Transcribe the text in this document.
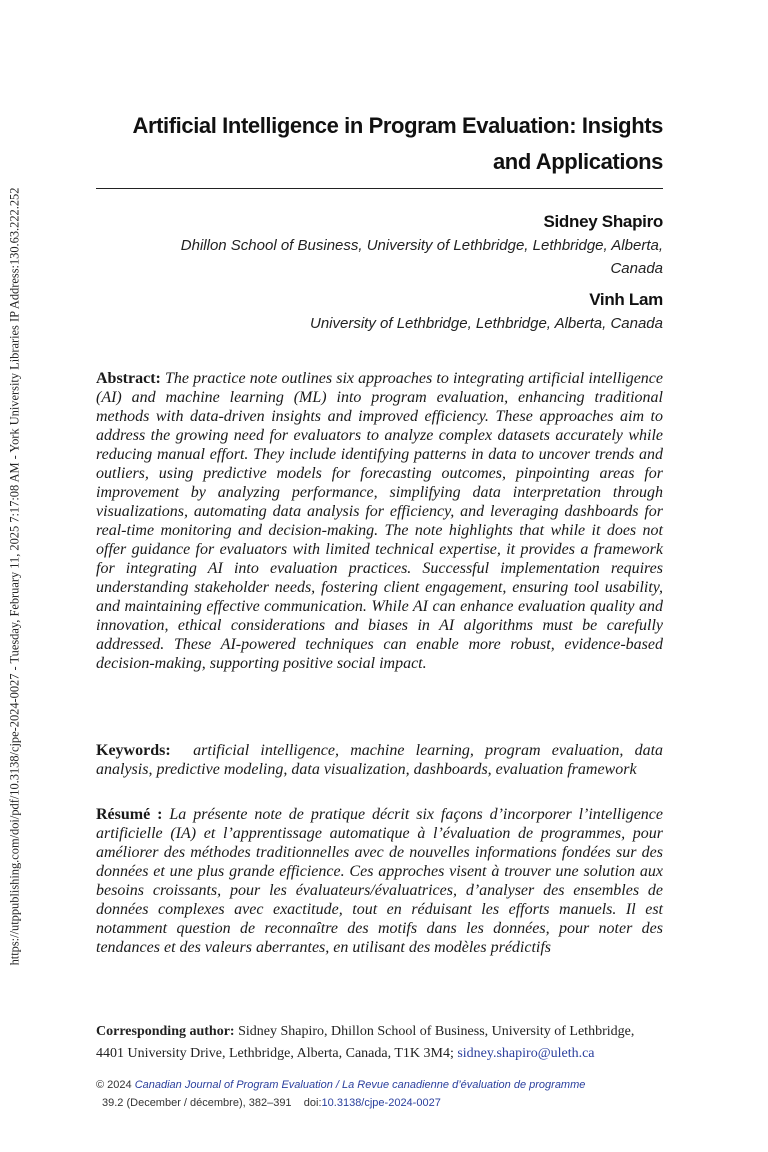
https://utppublishing.com/doi/pdf/10.3138/cjpe-2024-0027 - Tuesday, February 11, 2025 7:17:08 AM - York University Libraries IP Address:130.63.222.252
Artificial Intelligence in Program Evaluation: Insights
and Applications
Sidney Shapiro
Dhillon School of Business, University of Lethbridge, Lethbridge, Alberta,
Canada
Vinh Lam
University of Lethbridge, Lethbridge, Alberta, Canada
Abstract: The practice note outlines six approaches to integrating artificial intelligence (AI) and machine learning (ML) into program evaluation, enhancing traditional methods with data-driven insights and improved efficiency. These approaches aim to address the growing need for evaluators to analyze complex datasets accurately while reducing manual effort. They include identifying patterns in data to uncover trends and outliers, using predictive models for forecasting outcomes, pinpointing areas for improvement by analyzing performance, simplifying data interpretation through visualizations, automating data analysis for efficiency, and leveraging dashboards for real-time monitoring and decision-making. The note highlights that while it does not offer guidance for evaluators with limited technical expertise, it provides a framework for integrating AI into evaluation practices. Successful implementation requires understanding stakeholder needs, fostering client engagement, ensuring tool usability, and maintaining effective communication. While AI can enhance evaluation quality and innovation, ethical considerations and biases in AI algorithms must be carefully addressed. These AI-powered techniques can enable more robust, evidence-based decision-making, supporting positive social impact.
Keywords: artificial intelligence, machine learning, program evaluation, data analysis, predictive modeling, data visualization, dashboards, evaluation framework
Résumé : La présente note de pratique décrit six façons d’incorporer l’intelligence artificielle (IA) et l’apprentissage automatique à l’évaluation de programmes, pour améliorer des méthodes traditionnelles avec de nouvelles informations fondées sur des données et une plus grande efficience. Ces approches visent à trouver une solution aux besoins croissants, pour les évaluateurs/évaluatrices, d’analyser des ensembles de données complexes avec exactitude, tout en réduisant les efforts manuels. Il est notamment question de reconnaître des motifs dans les données, pour noter des tendances et des valeurs aberrantes, en utilisant des modèles prédictifs
Corresponding author: Sidney Shapiro, Dhillon School of Business, University of Lethbridge, 4401 University Drive, Lethbridge, Alberta, Canada, T1K 3M4; sidney.shapiro@uleth.ca
© 2024 Canadian Journal of Program Evaluation / La Revue canadienne d’évaluation de programme
39.2 (December / décembre), 382–391 doi:10.3138/cjpe-2024-0027
